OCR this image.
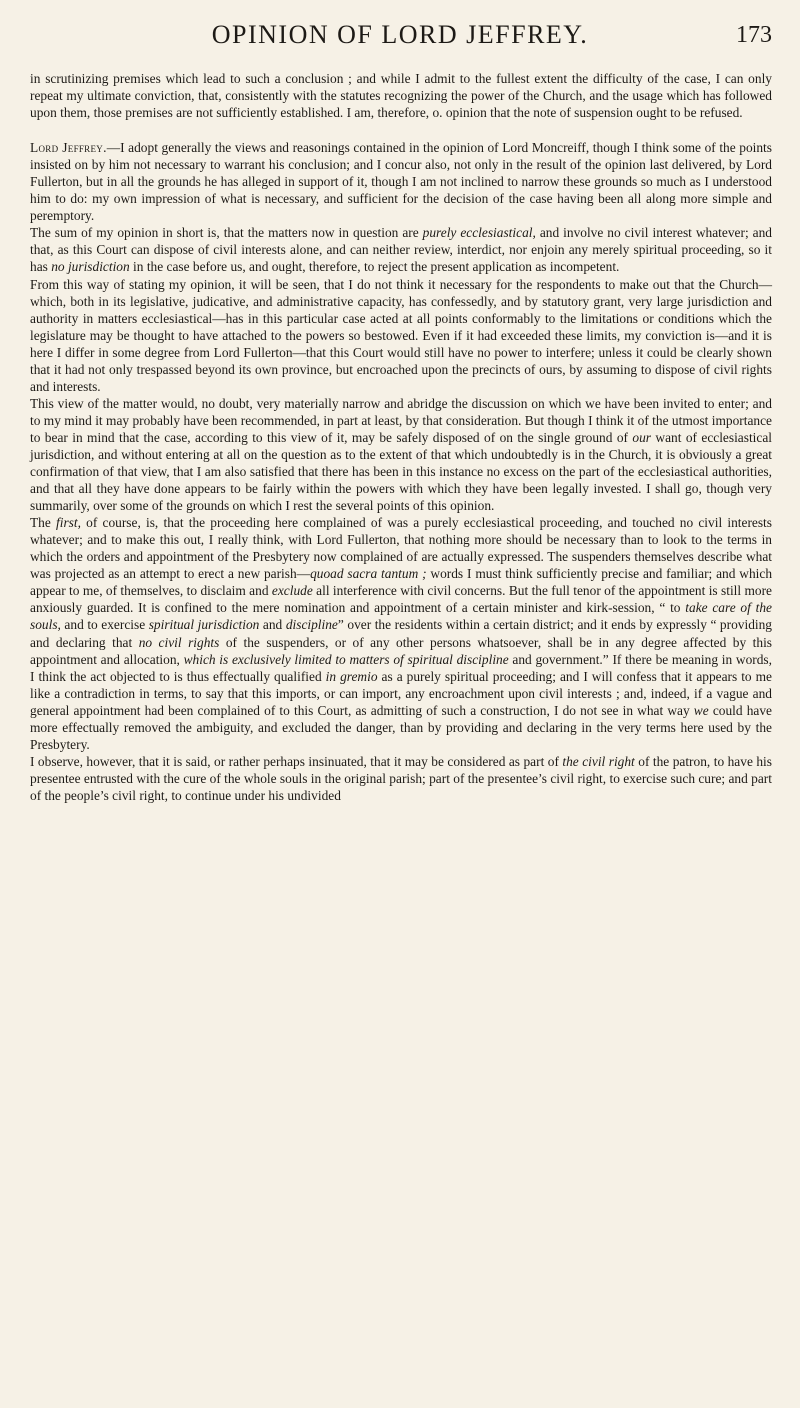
OPINION OF LORD JEFFREY.	173

in scrutinizing premises which lead to such a conclusion ; and while I admit to the fullest extent the difficulty of the case, I can only repeat my ultimate conviction, that, consistently with the statutes recognizing the power of the Church, and the usage which has followed upon them, those premises are not sufficiently established. I am, therefore, o. opinion that the note of suspension ought to be refused.

Lord Jeffrey.—I adopt generally the views and reasonings contained in the opinion of Lord Moncreiff, though I think some of the points insisted on by him not necessary to warrant his conclusion; and I concur also, not only in the result of the opinion last delivered, by Lord Fullerton, but in all the grounds he has alleged in support of it, though I am not inclined to narrow these grounds so much as I understood him to do: my own impression of what is necessary, and sufficient for the decision of the case having been all along more simple and peremptory.

The sum of my opinion in short is, that the matters now in question are purely ecclesiastical, and involve no civil interest whatever; and that, as this Court can dispose of civil interests alone, and can neither review, interdict, nor enjoin any merely spiritual proceeding, so it has no jurisdiction in the case before us, and ought, therefore, to reject the present application as incompetent.

From this way of stating my opinion, it will be seen, that I do not think it necessary for the respondents to make out that the Church—which, both in its legislative, judicative, and administrative capacity, has confessedly, and by statutory grant, very large jurisdiction and authority in matters ecclesiastical—has in this particular case acted at all points conformably to the limitations or conditions which the legislature may be thought to have attached to the powers so bestowed. Even if it had exceeded these limits, my conviction is—and it is here I differ in some degree from Lord Fullerton—that this Court would still have no power to interfere; unless it could be clearly shown that it had not only trespassed beyond its own province, but encroached upon the precincts of ours, by assuming to dispose of civil rights and interests.

This view of the matter would, no doubt, very materially narrow and abridge the discussion on which we have been invited to enter; and to my mind it may probably have been recommended, in part at least, by that consideration. But though I think it of the utmost importance to bear in mind that the case, according to this view of it, may be safely disposed of on the single ground of our want of ecclesiastical jurisdiction, and without entering at all on the question as to the extent of that which undoubtedly is in the Church, it is obviously a great confirmation of that view, that I am also satisfied that there has been in this instance no excess on the part of the ecclesiastical authorities, and that all they have done appears to be fairly within the powers with which they have been legally invested. I shall go, though very summarily, over some of the grounds on which I rest the several points of this opinion.

The first, of course, is, that the proceeding here complained of was a purely ecclesiastical proceeding, and touched no civil interests whatever; and to make this out, I really think, with Lord Fullerton, that nothing more should be necessary than to look to the terms in which the orders and appointment of the Presbytery now complained of are actually expressed. The suspenders themselves describe what was projected as an attempt to erect a new parish—quoad sacra tantum ; words I must think sufficiently precise and familiar; and which appear to me, of themselves, to disclaim and exclude all interference with civil concerns. But the full tenor of the appointment is still more anxiously guarded. It is confined to the mere nomination and appointment of a certain minister and kirk-session, “ to take care of the souls, and to exercise spiritual jurisdiction and discipline” over the residents within a certain district; and it ends by expressly “ providing and declaring that no civil rights of the suspenders, or of any other persons whatsoever, shall be in any degree affected by this appointment and allocation, which is exclusively limited to matters of spiritual discipline and government.” If there be meaning in words, I think the act objected to is thus effectually qualified in gremio as a purely spiritual proceeding; and I will confess that it appears to me like a contradiction in terms, to say that this imports, or can import, any encroachment upon civil interests ; and, indeed, if a vague and general appointment had been complained of to this Court, as admitting of such a construction, I do not see in what way we could have more effectually removed the ambiguity, and excluded the danger, than by providing and declaring in the very terms here used by the Presbytery.

I observe, however, that it is said, or rather perhaps insinuated, that it may be considered as part of the civil right of the patron, to have his presentee entrusted with the cure of the whole souls in the original parish; part of the presentee’s civil right, to exercise such cure; and part of the people’s civil right, to continue under his undivided
